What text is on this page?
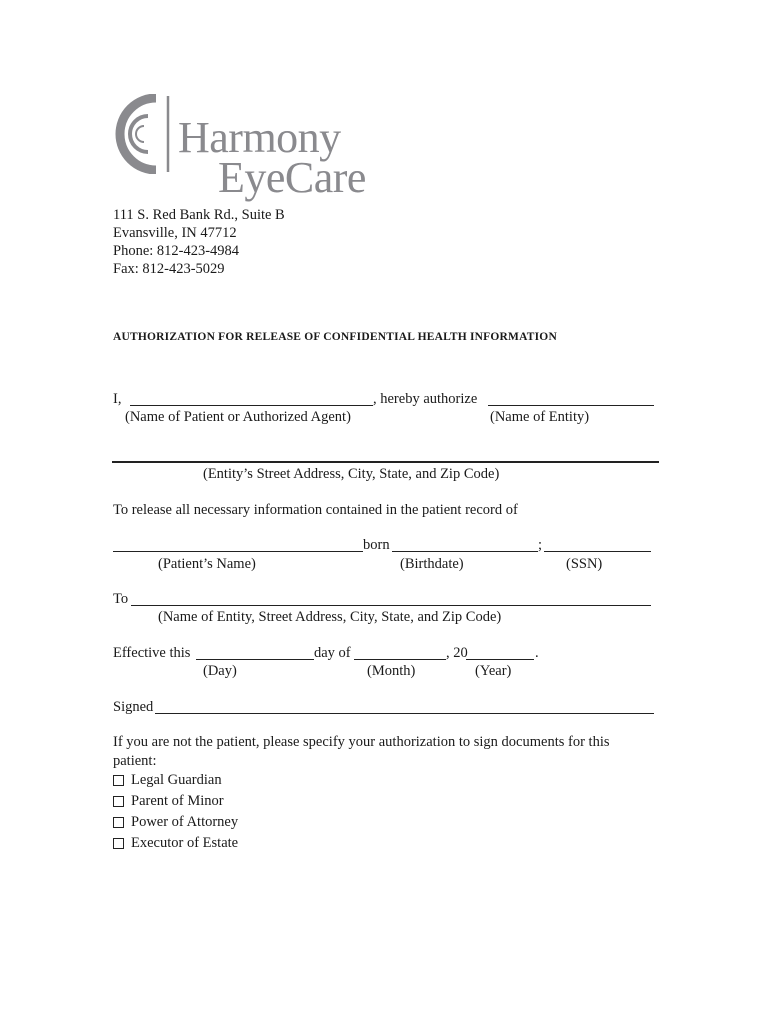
Harmony
EyeCare
111 S. Red Bank Rd., Suite B
Evansville, IN 47712
Phone: 812-423-4984
Fax: 812-423-5029
AUTHORIZATION FOR RELEASE OF CONFIDENTIAL HEALTH INFORMATION
I,	, hereby authorize
(Name of Patient or Authorized Agent)	(Name of Entity)
(Entity’s Street Address, City, State, and Zip Code)
To release all necessary information contained in the patient record of
born	;
(Patient’s Name)	(Birthdate)	(SSN)
To
(Name of Entity, Street Address, City, State, and Zip Code)
Effective this	day of	, 20	.
(Day)	(Month)	(Year)
Signed
If you are not the patient, please specify your authorization to sign documents for this
patient:
Legal Guardian
Parent of Minor
Power of Attorney
Executor of Estate
